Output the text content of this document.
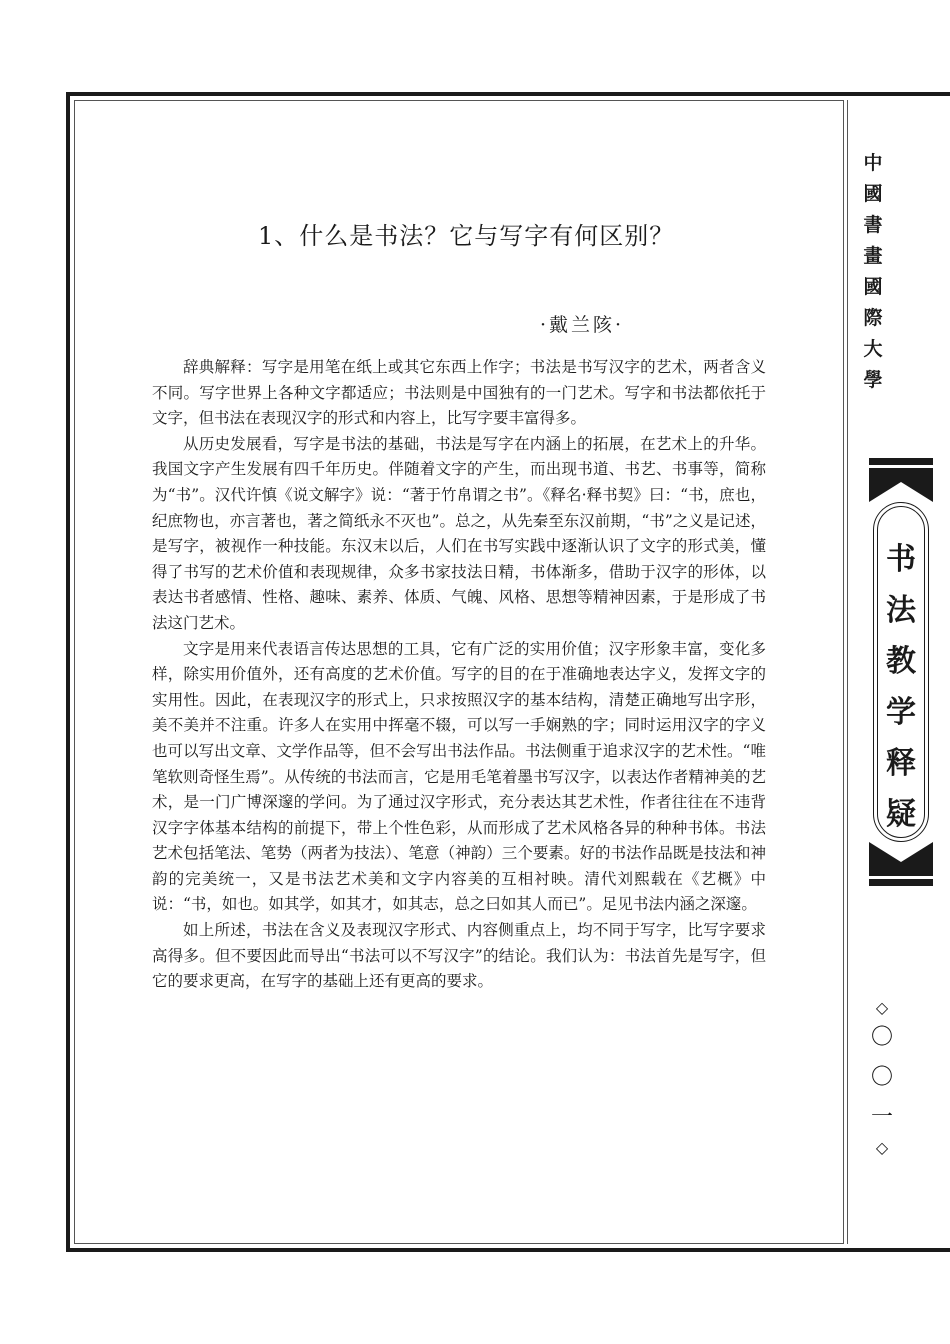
1、什么是书法？它与写字有何区别？
·戴兰陔·

辞典解释：写字是用笔在纸上或其它东西上作字；书法是书写汉字的艺术，两者含义不同。写字世界上各种文字都适应；书法则是中国独有的一门艺术。写字和书法都依托于文字，但书法在表现汉字的形式和内容上，比写字要丰富得多。

从历史发展看，写字是书法的基础，书法是写字在内涵上的拓展，在艺术上的升华。我国文字产生发展有四千年历史。伴随着文字的产生，而出现书道、书艺、书事等，简称为“书”。汉代许慎《说文解字》说：“著于竹帛谓之书”。《释名·释书契》曰：“书，庶也，纪庶物也，亦言著也，著之简纸永不灭也”。总之，从先秦至东汉前期，“书”之义是记述，是写字，被视作一种技能。东汉末以后，人们在书写实践中逐渐认识了文字的形式美，懂得了书写的艺术价值和表现规律，众多书家技法日精，书体渐多，借助于汉字的形体，以表达书者感情、性格、趣味、素养、体质、气魄、风格、思想等精神因素，于是形成了书法这门艺术。

文字是用来代表语言传达思想的工具，它有广泛的实用价值；汉字形象丰富，变化多样，除实用价值外，还有高度的艺术价值。写字的目的在于准确地表达字义，发挥文字的实用性。因此，在表现汉字的形式上，只求按照汉字的基本结构，清楚正确地写出字形，美不美并不注重。许多人在实用中挥毫不辍，可以写一手娴熟的字；同时运用汉字的字义也可以写出文章、文学作品等，但不会写出书法作品。书法侧重于追求汉字的艺术性。“唯笔软则奇怪生焉”。从传统的书法而言，它是用毛笔着墨书写汉字，以表达作者精神美的艺术，是一门广博深邃的学问。为了通过汉字形式，充分表达其艺术性，作者往往在不违背汉字字体基本结构的前提下，带上个性色彩，从而形成了艺术风格各异的种种书体。书法艺术包括笔法、笔势（两者为技法）、笔意（神韵）三个要素。好的书法作品既是技法和神韵的完美统一，又是书法艺术美和文字内容美的互相衬映。清代刘熙载在《艺概》中说：“书，如也。如其学，如其才，如其志，总之曰如其人而已”。足见书法内涵之深邃。

如上所述，书法在含义及表现汉字形式、内容侧重点上，均不同于写字，比写字要求高得多。但不要因此而导出“书法可以不写汉字”的结论。我们认为：书法首先是写字，但它的要求更高，在写字的基础上还有更高的要求。

中
國
書
畫
國
際
大
學
书
法
教
学
释
疑
◇
〇
〇
一
◇
